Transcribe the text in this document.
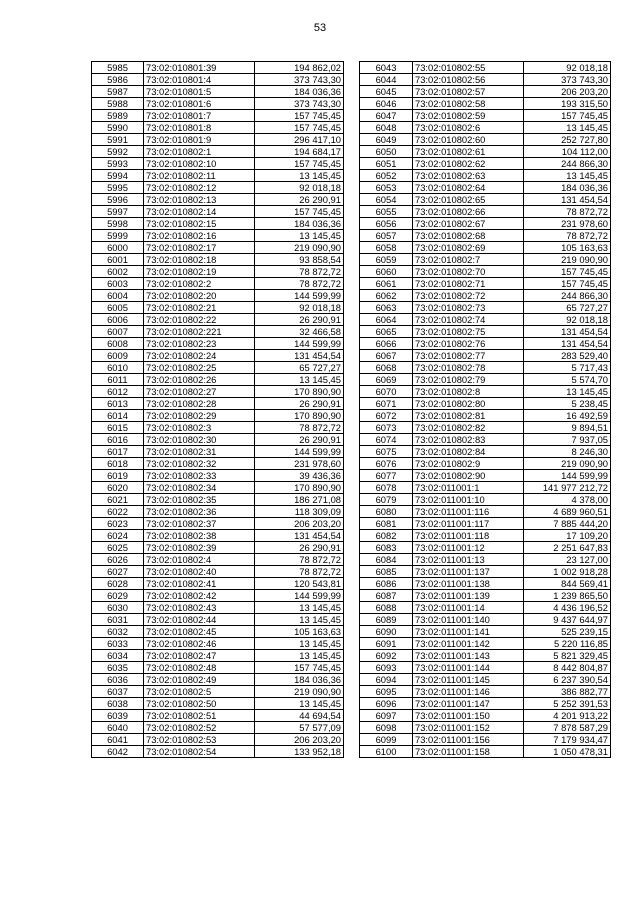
53
5985	73:02:010801:39	194 862,02
5986	73:02:010801:4	373 743,30
5987	73:02:010801:5	184 036,36
5988	73:02:010801:6	373 743,30
5989	73:02:010801:7	157 745,45
5990	73:02:010801:8	157 745,45
5991	73:02:010801:9	296 417,10
5992	73:02:010802:1	194 684,17
5993	73:02:010802:10	157 745,45
5994	73:02:010802:11	13 145,45
5995	73:02:010802:12	92 018,18
5996	73:02:010802:13	26 290,91
5997	73:02:010802:14	157 745,45
5998	73:02:010802:15	184 036,36
5999	73:02:010802:16	13 145,45
6000	73:02:010802:17	219 090,90
6001	73:02:010802:18	93 858,54
6002	73:02:010802:19	78 872,72
6003	73:02:010802:2	78 872,72
6004	73:02:010802:20	144 599,99
6005	73:02:010802:21	92 018,18
6006	73:02:010802:22	26 290,91
6007	73:02:010802:221	32 466,58
6008	73:02:010802:23	144 599,99
6009	73:02:010802:24	131 454,54
6010	73:02:010802:25	65 727,27
6011	73:02:010802:26	13 145,45
6012	73:02:010802:27	170 890,90
6013	73:02:010802:28	26 290,91
6014	73:02:010802:29	170 890,90
6015	73:02:010802:3	78 872,72
6016	73:02:010802:30	26 290,91
6017	73:02:010802:31	144 599,99
6018	73:02:010802:32	231 978,60
6019	73:02:010802:33	39 436,36
6020	73:02:010802:34	170 890,90
6021	73:02:010802:35	186 271,08
6022	73:02:010802:36	118 309,09
6023	73:02:010802:37	206 203,20
6024	73:02:010802:38	131 454,54
6025	73:02:010802:39	26 290,91
6026	73:02:010802:4	78 872,72
6027	73:02:010802:40	78 872,72
6028	73:02:010802:41	120 543,81
6029	73:02:010802:42	144 599,99
6030	73:02:010802:43	13 145,45
6031	73:02:010802:44	13 145,45
6032	73:02:010802:45	105 163,63
6033	73:02:010802:46	13 145,45
6034	73:02:010802:47	13 145,45
6035	73:02:010802:48	157 745,45
6036	73:02:010802:49	184 036,36
6037	73:02:010802:5	219 090,90
6038	73:02:010802:50	13 145,45
6039	73:02:010802:51	44 694,54
6040	73:02:010802:52	57 577,09
6041	73:02:010802:53	206 203,20
6042	73:02:010802:54	133 952,18
6043	73:02:010802:55	92 018,18
6044	73:02:010802:56	373 743,30
6045	73:02:010802:57	206 203,20
6046	73:02:010802:58	193 315,50
6047	73:02:010802:59	157 745,45
6048	73:02:010802:6	13 145,45
6049	73:02:010802:60	252 727,80
6050	73:02:010802:61	104 112,00
6051	73:02:010802:62	244 866,30
6052	73:02:010802:63	13 145,45
6053	73:02:010802:64	184 036,36
6054	73:02:010802:65	131 454,54
6055	73:02:010802:66	78 872,72
6056	73:02:010802:67	231 978,60
6057	73:02:010802:68	78 872,72
6058	73:02:010802:69	105 163,63
6059	73:02:010802:7	219 090,90
6060	73:02:010802:70	157 745,45
6061	73:02:010802:71	157 745,45
6062	73:02:010802:72	244 866,30
6063	73:02:010802:73	65 727,27
6064	73:02:010802:74	92 018,18
6065	73:02:010802:75	131 454,54
6066	73:02:010802:76	131 454,54
6067	73:02:010802:77	283 529,40
6068	73:02:010802:78	5 717,43
6069	73:02:010802:79	5 574,70
6070	73:02:010802:8	13 145,45
6071	73:02:010802:80	5 238,45
6072	73:02:010802:81	16 492,59
6073	73:02:010802:82	9 894,51
6074	73:02:010802:83	7 937,05
6075	73:02:010802:84	8 246,30
6076	73:02:010802:9	219 090,90
6077	73:02:010802:90	144 599,99
6078	73:02:011001:1	141 977 212,72
6079	73:02:011001:10	4 378,00
6080	73:02:011001:116	4 689 960,51
6081	73:02:011001:117	7 885 444,20
6082	73:02:011001:118	17 109,20
6083	73:02:011001:12	2 251 647,83
6084	73:02:011001:13	23 127,00
6085	73:02:011001:137	1 002 918,28
6086	73:02:011001:138	844 569,41
6087	73:02:011001:139	1 239 865,50
6088	73:02:011001:14	4 436 196,52
6089	73:02:011001:140	9 437 644,97
6090	73:02:011001:141	525 239,15
6091	73:02:011001:142	5 220 116,85
6092	73:02:011001:143	5 821 329,45
6093	73:02:011001:144	8 442 804,87
6094	73:02:011001:145	6 237 390,54
6095	73:02:011001:146	386 882,77
6096	73:02:011001:147	5 252 391,53
6097	73:02:011001:150	4 201 913,22
6098	73:02:011001:152	7 878 587,29
6099	73:02:011001:156	7 179 934,47
6100	73:02:011001:158	1 050 478,31
